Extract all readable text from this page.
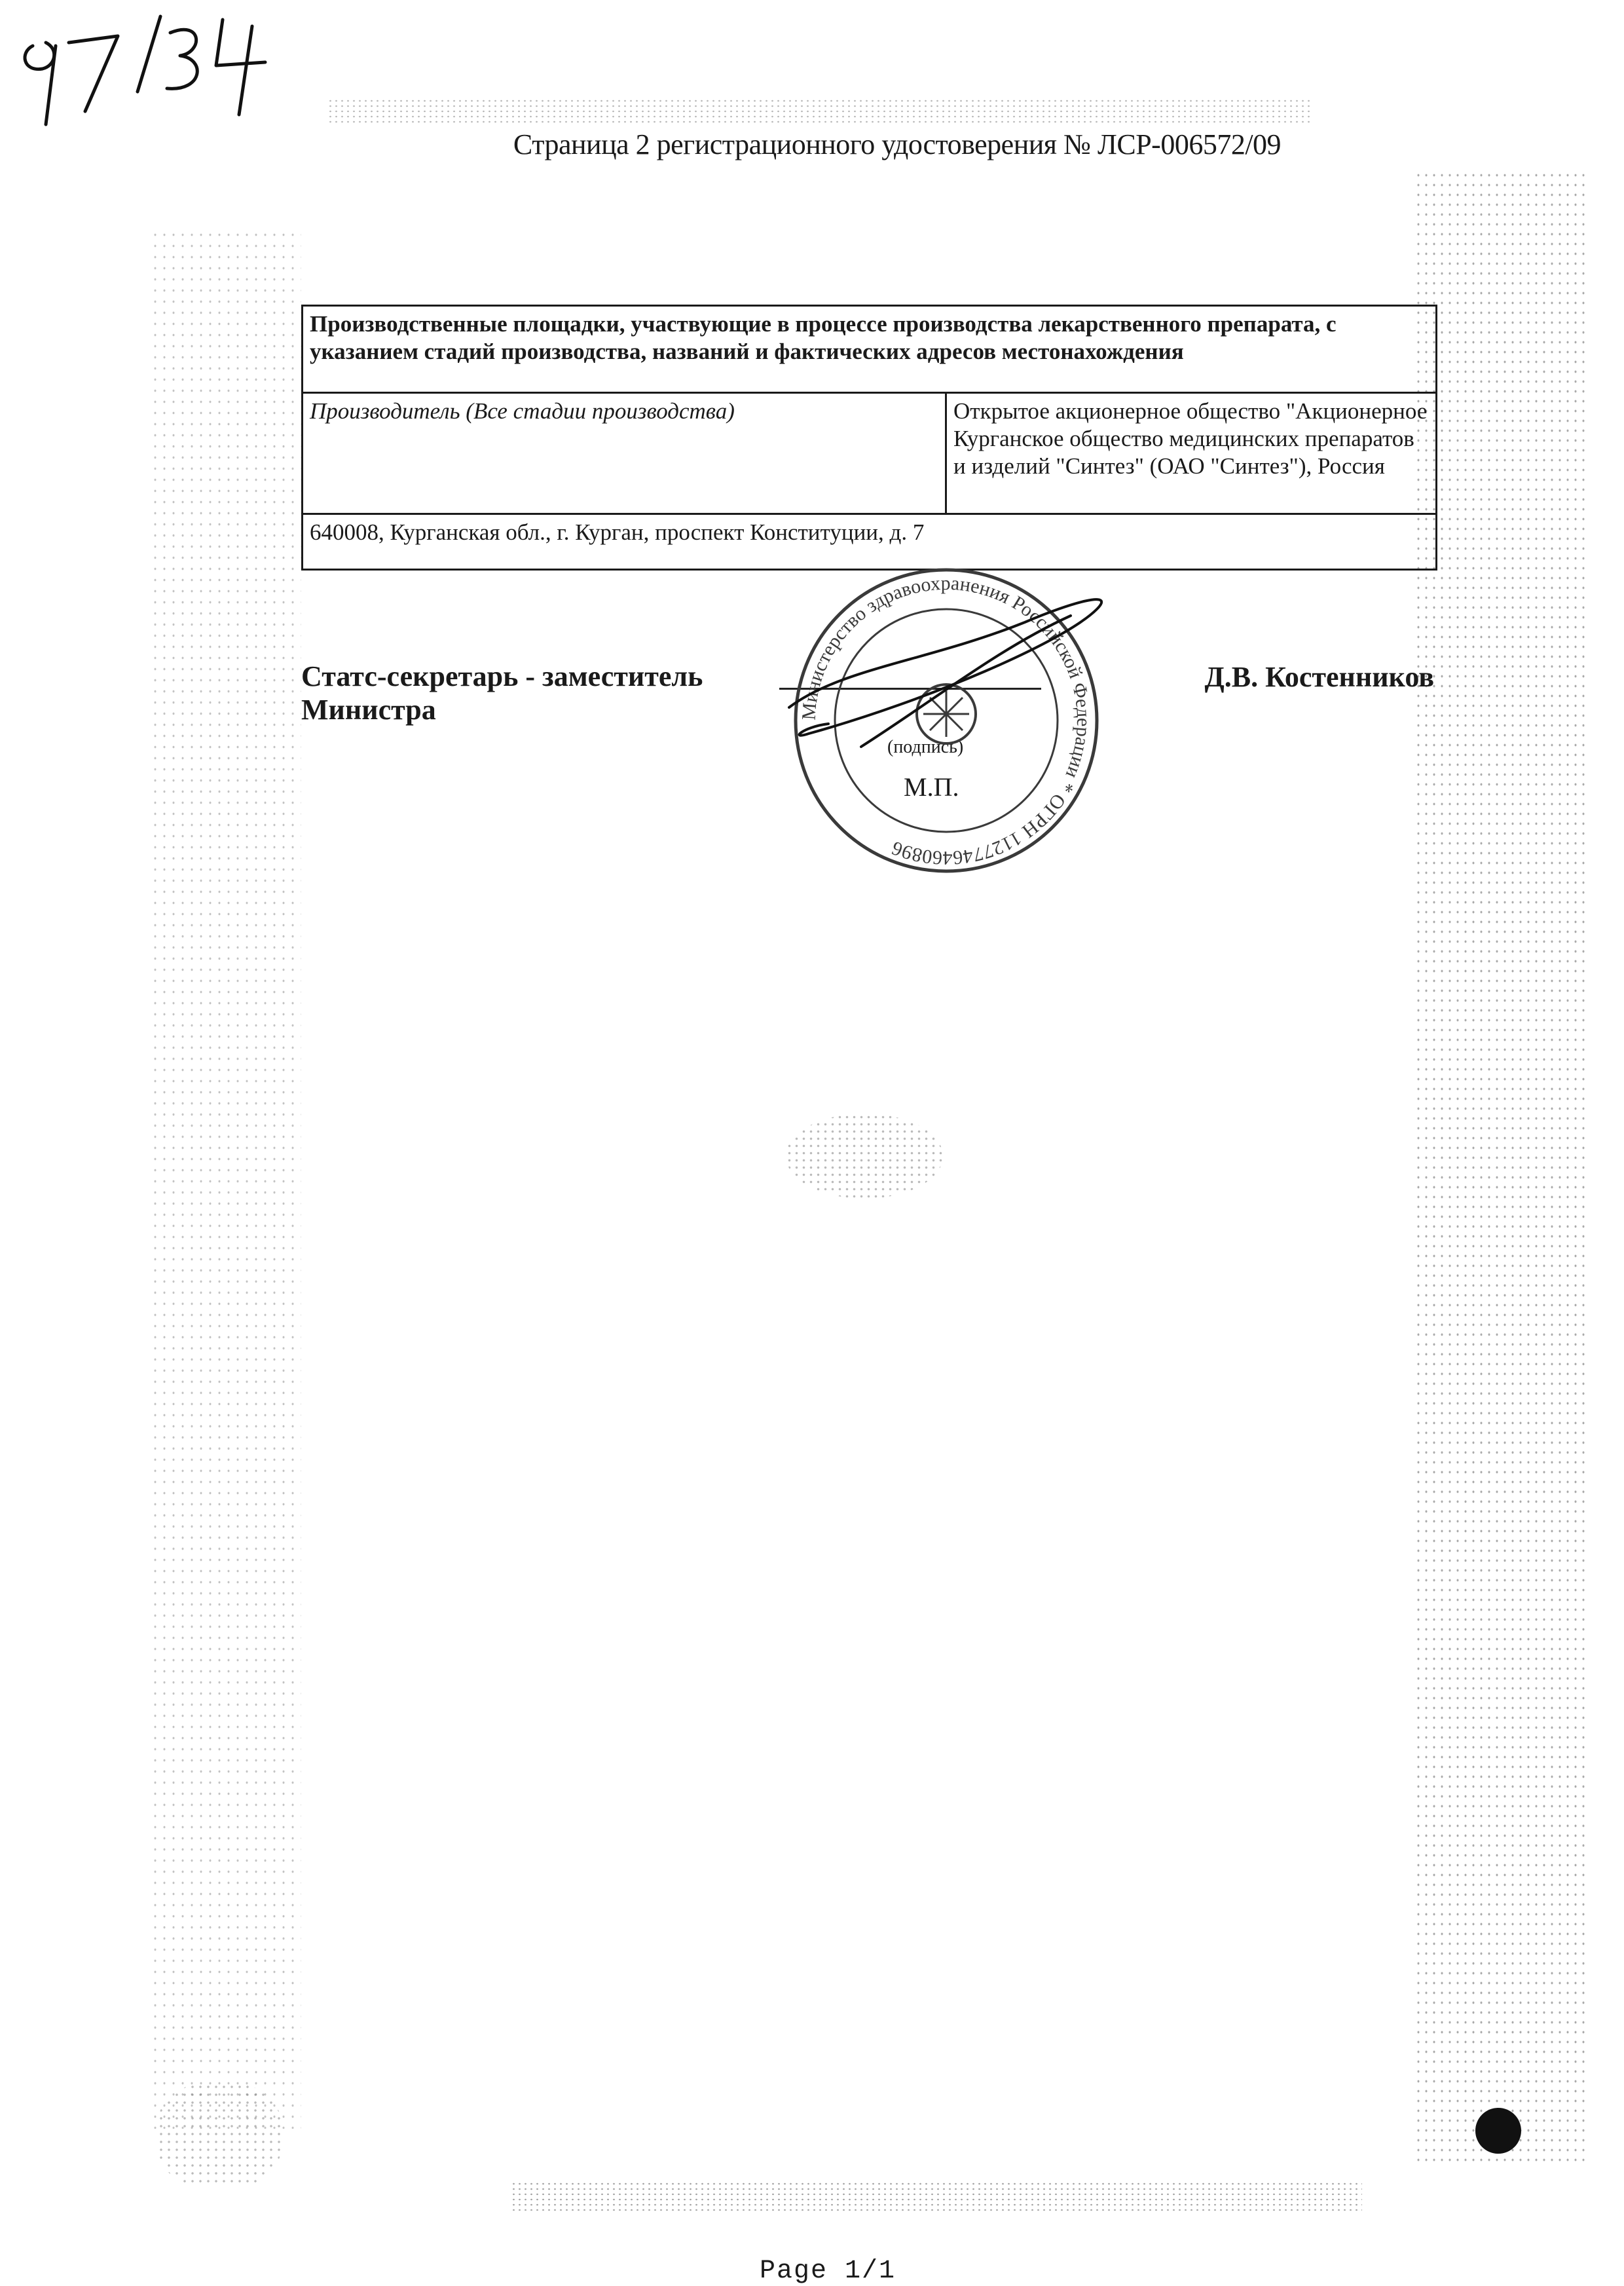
Страница 2 регистрационного удостоверения № ЛСР-006572/09
Производственные площадки, участвующие в процессе производства лекарственного препарата, с указанием стадий производства, названий и фактических адресов местонахождения
Производитель (Все стадии производства)	Открытое акционерное общество "Акционерное Курганское общество медицинских препаратов и изделий "Синтез" (ОАО "Синтез"), Россия
640008, Курганская обл., г. Курган, проспект Конституции, д. 7
Статс-секретарь - заместитель Министра
(подпись)
М.П.
Д.В. Костенников
Министерство здравоохранения Российской Федерации * ОГРН 1127746460896
Page 1/1
